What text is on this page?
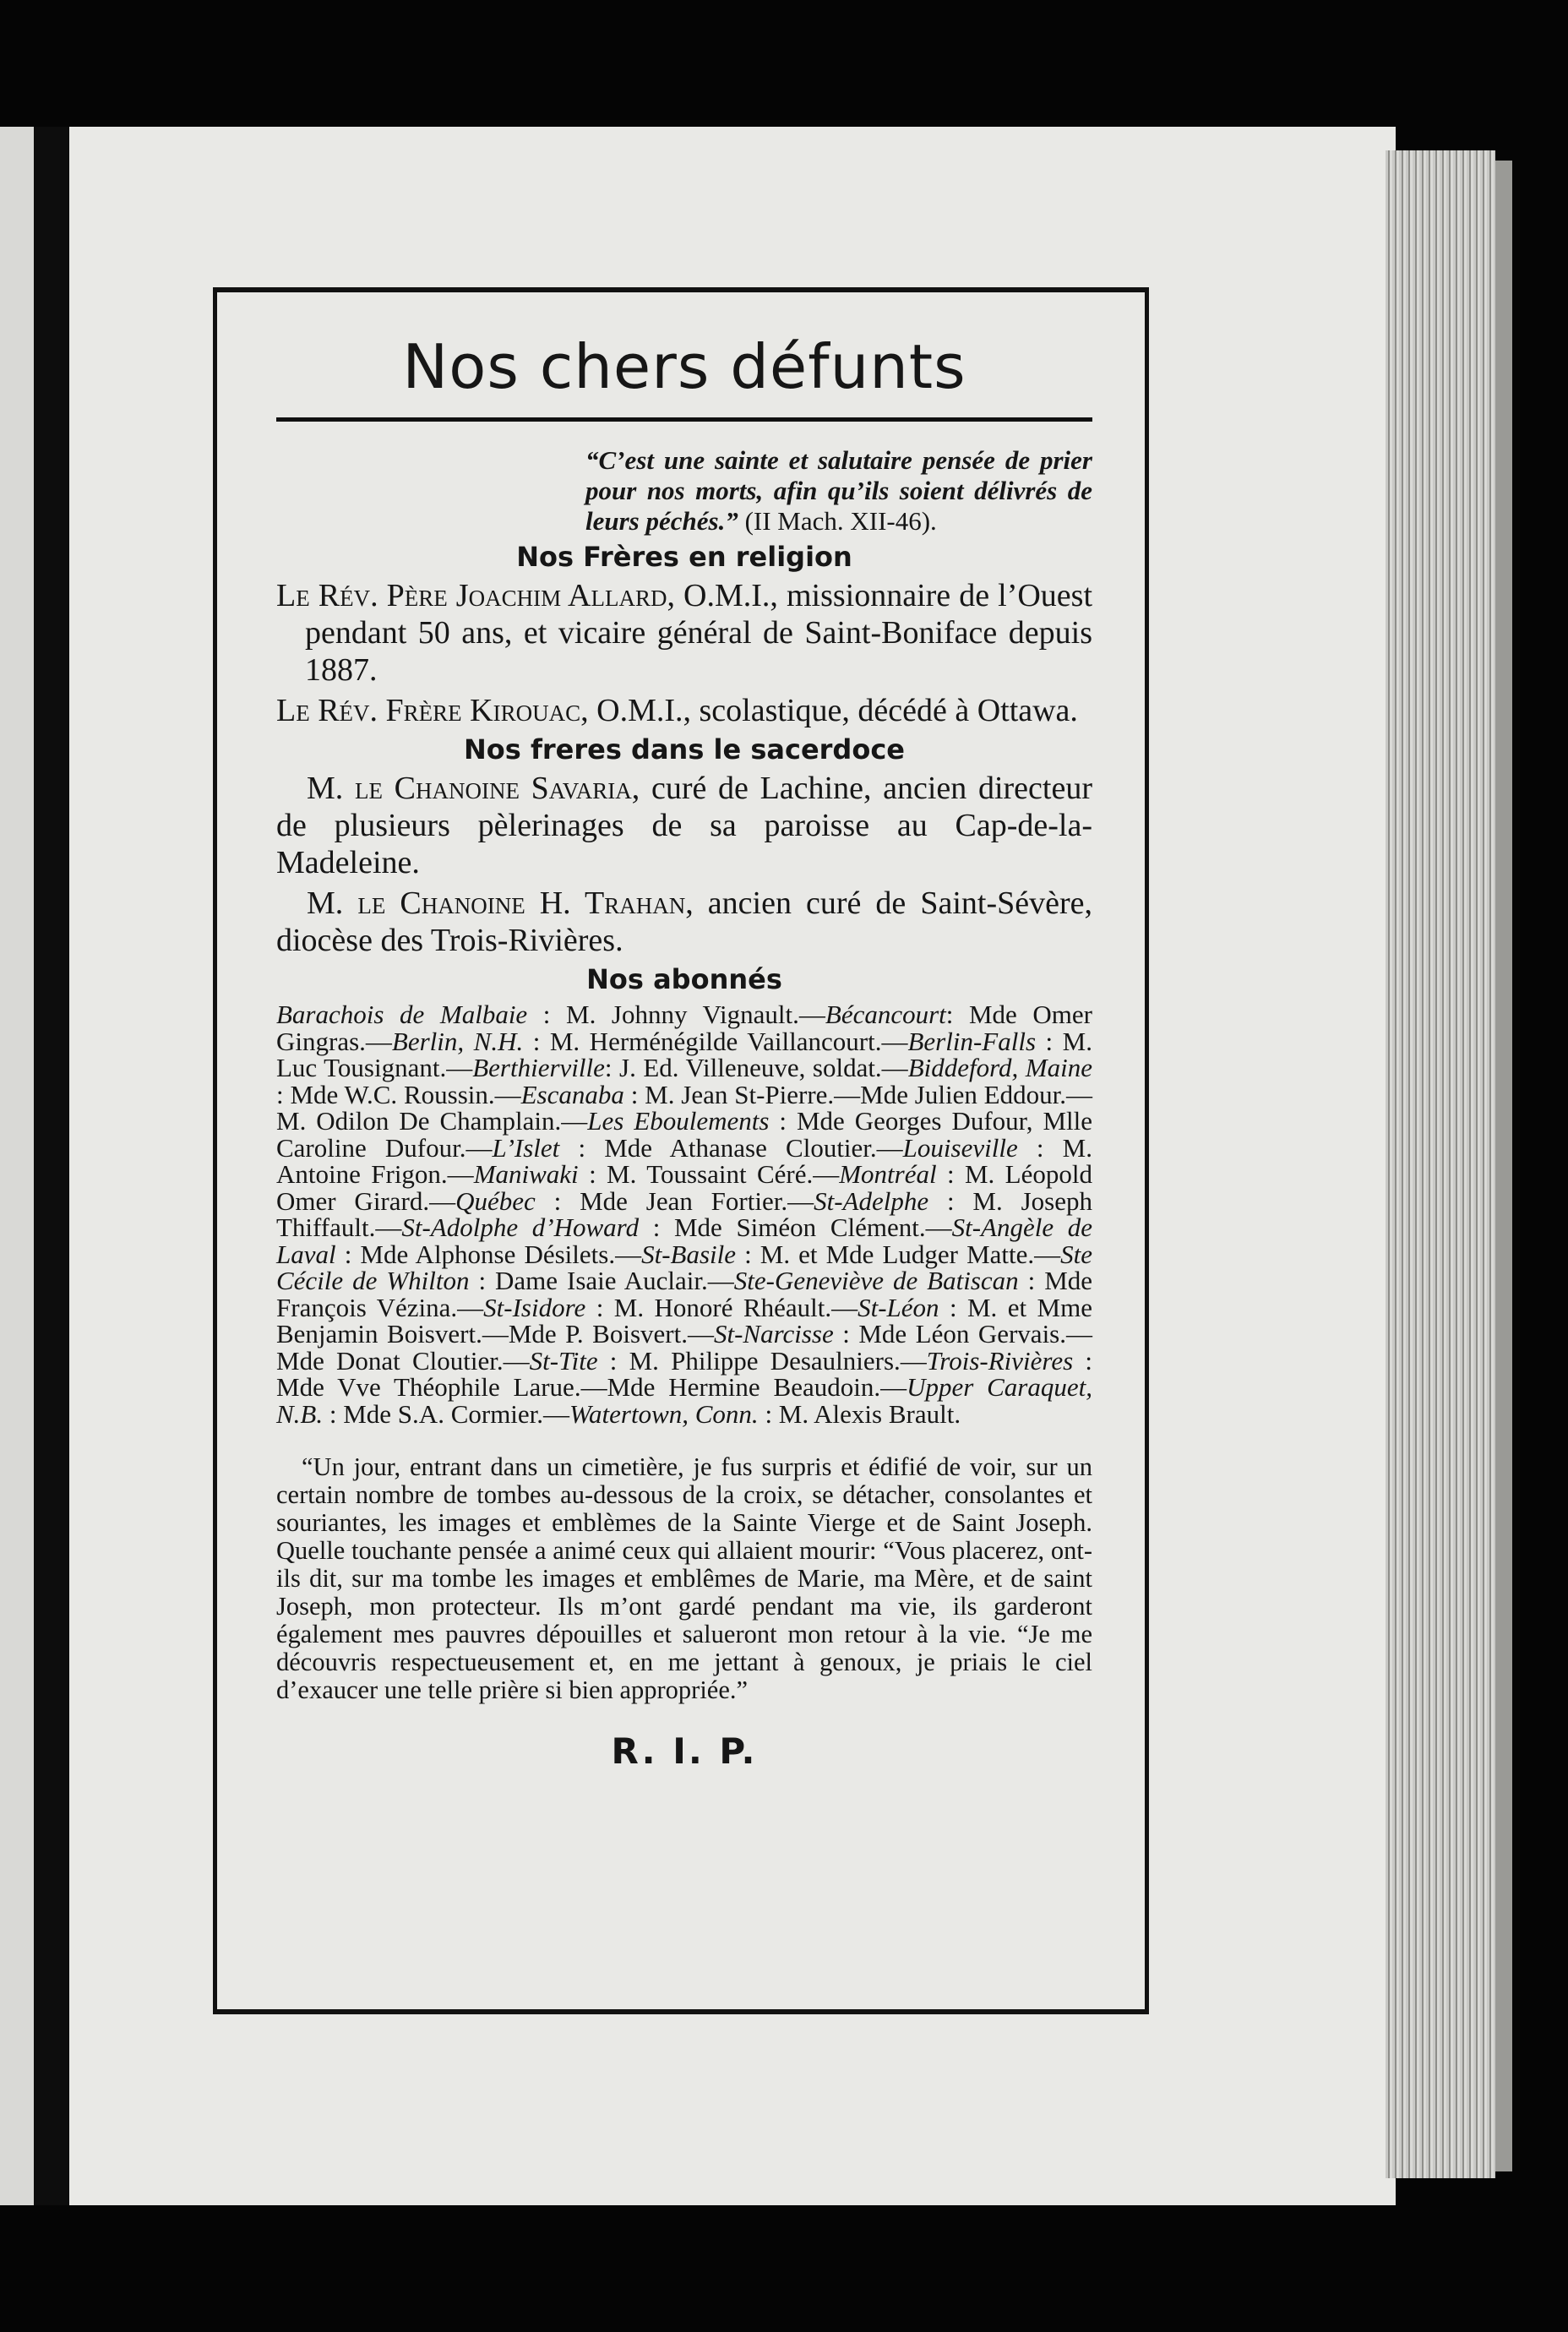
Nos chers défunts
“C’est une sainte et salutaire pensée de prier pour nos morts, afin qu’ils soient délivrés de leurs péchés.” (II Mach. XII-46).
Nos Frères en religion

Le Rév. Père Joachim Allard, O.M.I., missionnaire de l’Ouest pendant 50 ans, et vicaire général de Saint-Boniface depuis 1887.

Le Rév. Frère Kirouac, O.M.I., scolastique, décédé à Ottawa.

Nos freres dans le sacerdoce

M. le Chanoine Savaria, curé de Lachine, ancien directeur de plusieurs pèlerinages de sa paroisse au Cap-de-la-Madeleine.

M. le Chanoine H. Trahan, ancien curé de Saint-Sévère, diocèse des Trois-Rivières.

Nos abonnés

Barachois de Malbaie : M. Johnny Vignault.—Bécancourt: Mde Omer Gingras.—Berlin, N.H. : M. Herménégilde Vaillancourt.—Berlin-Falls : M. Luc Tousignant.—Berthierville: J. Ed. Villeneuve, soldat.—Biddeford, Maine : Mde W.C. Roussin.—Escanaba : M. Jean St-Pierre.—Mde Julien Eddour.—M. Odilon De Champlain.—Les Eboulements : Mde Georges Dufour, Mlle Caroline Dufour.—L’Islet : Mde Athanase Cloutier.—Louiseville : M. Antoine Frigon.—Maniwaki : M. Toussaint Céré.—Montréal : M. Léopold Omer Girard.—Québec : Mde Jean Fortier.—St-Adelphe : M. Joseph Thiffault.—St-Adolphe d’Howard : Mde Siméon Clément.—St-Angèle de Laval : Mde Alphonse Désilets.—St-Basile : M. et Mde Ludger Matte.—Ste Cécile de Whilton : Dame Isaie Auclair.—Ste-Geneviève de Batiscan : Mde François Vézina.—St-Isidore : M. Honoré Rhéault.—St-Léon : M. et Mme Benjamin Boisvert.—Mde P. Boisvert.—St-Narcisse : Mde Léon Gervais.—Mde Donat Cloutier.—St-Tite : M. Philippe Desaulniers.—Trois-Rivières : Mde Vve Théophile Larue.—Mde Hermine Beaudoin.—Upper Caraquet, N.B. : Mde S.A. Cormier.—Watertown, Conn. : M. Alexis Brault.

“Un jour, entrant dans un cimetière, je fus surpris et édifié de voir, sur un certain nombre de tombes au-dessous de la croix, se détacher, consolantes et souriantes, les images et emblèmes de la Sainte Vierge et de Saint Joseph. Quelle touchante pensée a animé ceux qui allaient mourir: “Vous placerez, ont-ils dit, sur ma tombe les images et emblêmes de Marie, ma Mère, et de saint Joseph, mon protecteur. Ils m’ont gardé pendant ma vie, ils garderont également mes pauvres dépouilles et salueront mon retour à la vie. “Je me découvris respectueusement et, en me jettant à genoux, je priais le ciel d’exaucer une telle prière si bien appropriée.”

R. I. P.
